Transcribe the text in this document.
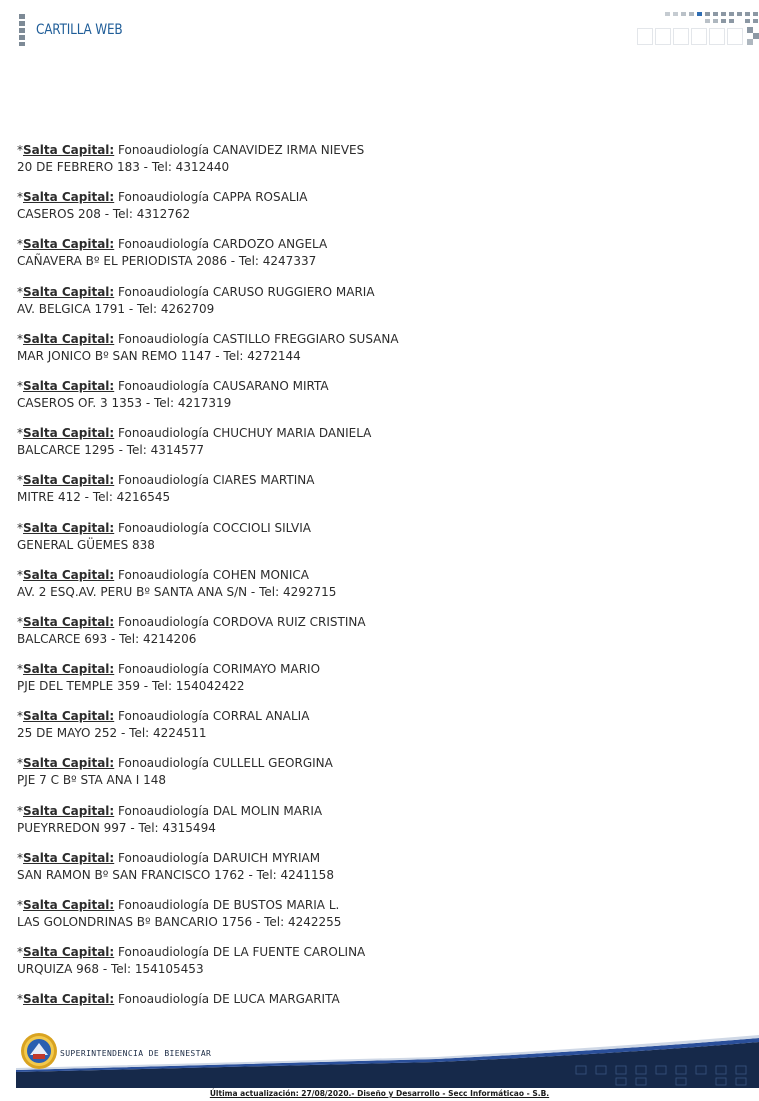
CARTILLA WEB
*Salta Capital: Fonoaudiología CANAVIDEZ IRMA NIEVES
20 DE FEBRERO 183 - Tel: 4312440
*Salta Capital: Fonoaudiología CAPPA ROSALIA
CASEROS 208 - Tel: 4312762
*Salta Capital: Fonoaudiología CARDOZO ANGELA
CAÑAVERA Bº EL PERIODISTA 2086 - Tel: 4247337
*Salta Capital: Fonoaudiología CARUSO RUGGIERO MARIA
AV. BELGICA 1791 - Tel: 4262709
*Salta Capital: Fonoaudiología CASTILLO FREGGIARO SUSANA
MAR JONICO Bº SAN REMO 1147 - Tel: 4272144
*Salta Capital: Fonoaudiología CAUSARANO MIRTA
CASEROS OF. 3 1353 - Tel: 4217319
*Salta Capital: Fonoaudiología CHUCHUY MARIA DANIELA
BALCARCE 1295 - Tel: 4314577
*Salta Capital: Fonoaudiología CIARES MARTINA
MITRE 412 - Tel: 4216545
*Salta Capital: Fonoaudiología COCCIOLI SILVIA
GENERAL GÜEMES 838
*Salta Capital: Fonoaudiología COHEN MONICA
AV. 2 ESQ.AV. PERU Bº SANTA ANA S/N - Tel: 4292715
*Salta Capital: Fonoaudiología CORDOVA RUIZ CRISTINA
BALCARCE 693 - Tel: 4214206
*Salta Capital: Fonoaudiología CORIMAYO MARIO
PJE DEL TEMPLE 359 - Tel: 154042422
*Salta Capital: Fonoaudiología CORRAL ANALIA
25 DE MAYO 252 - Tel: 4224511
*Salta Capital: Fonoaudiología CULLELL GEORGINA
PJE 7 C Bº STA ANA I 148
*Salta Capital: Fonoaudiología DAL MOLIN MARIA
PUEYRREDON 997 - Tel: 4315494
*Salta Capital: Fonoaudiología DARUICH MYRIAM
SAN RAMON Bº SAN FRANCISCO 1762 - Tel: 4241158
*Salta Capital: Fonoaudiología DE BUSTOS MARIA L.
LAS GOLONDRINAS Bº BANCARIO 1756 - Tel: 4242255
*Salta Capital: Fonoaudiología DE LA FUENTE CAROLINA
URQUIZA 968 - Tel: 154105453
*Salta Capital: Fonoaudiología DE LUCA MARGARITA
SUPERINTENDENCIA DE BIENESTAR
Última actualización: 27/08/2020.- Diseño y Desarrollo - Secc Informáticao - S.B.
